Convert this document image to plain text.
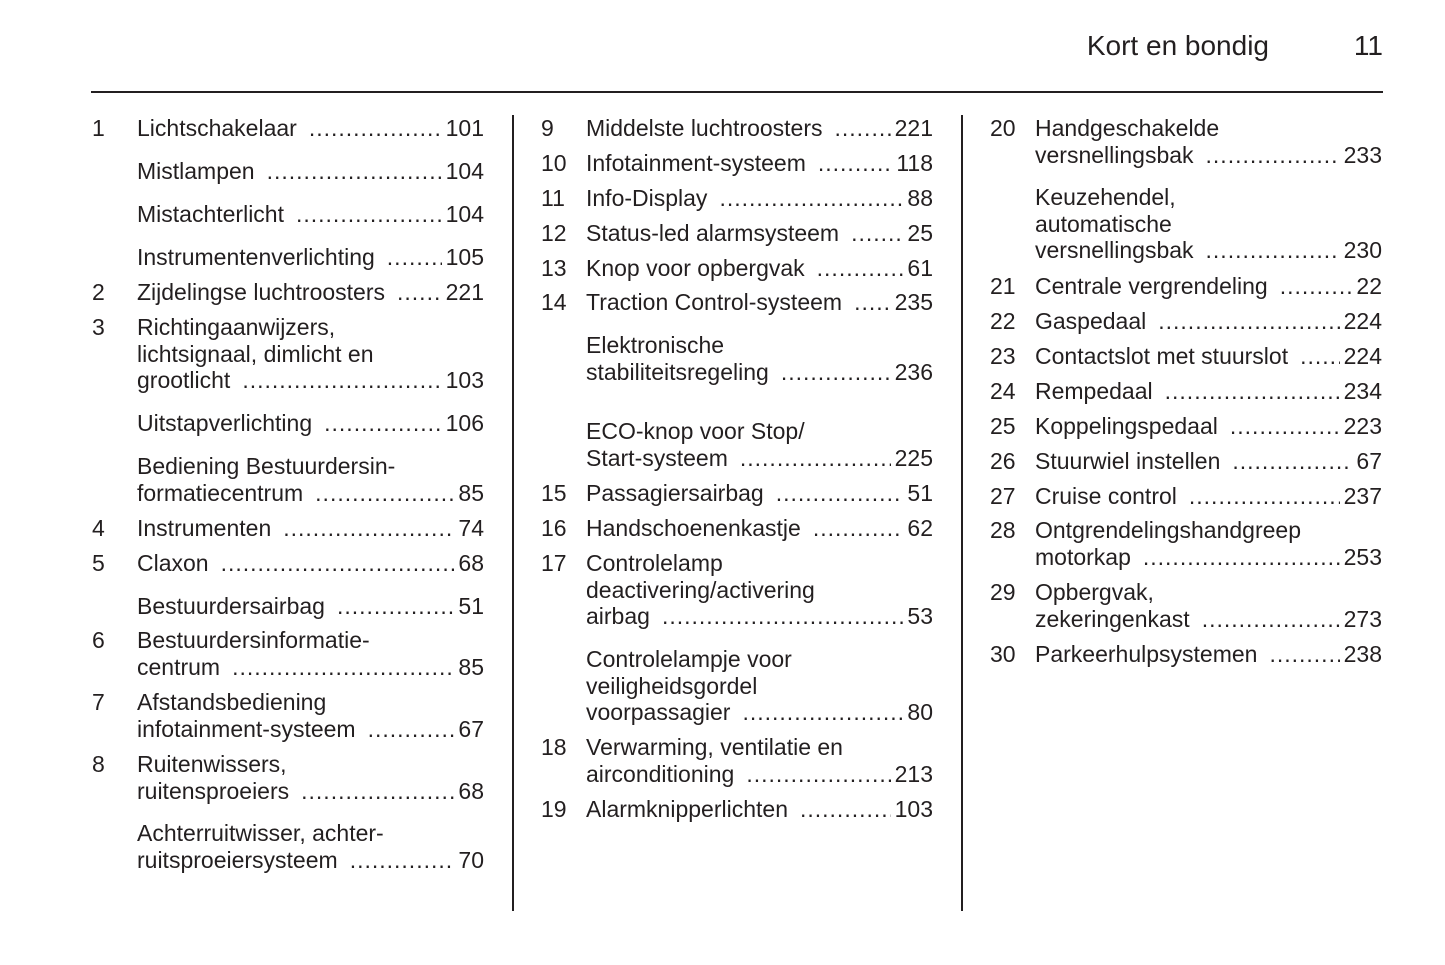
Kort en bondig	11
1 Lichtschakelaar .....	101
Mistlampen .....	104
Mistachterlicht .....	104
Instrumentenverlichting .....	105
2 Zijdelingse luchtroosters .....	221
3 Richtingaanwijzers,
lichtsignaal, dimlicht en
grootlicht .....	103
Uitstapverlichting .....	106
Bediening Bestuurdersin-
formatiecentrum .....	85
4 Instrumenten .....	74
5 Claxon .....	68
Bestuurdersairbag .....	51
6 Bestuurdersinformatie-
centrum .....	85
7 Afstandsbediening
infotainment-systeem .....	67
8 Ruitenwissers,
ruitensproeiers .....	68
Achterruitwisser, achter-
ruitsproeiersysteem .....	70
9 Middelste luchtroosters .....	221
10 Infotainment-systeem .....	118
11 Info-Display .....	88
12 Status-led alarmsysteem .....	25
13 Knop voor opbergvak .....	61
14 Traction Control-systeem ..... 235
Elektronische
stabiliteitsregeling .....	236
ECO-knop voor Stop/
Start-systeem .....	225
15 Passagiersairbag .....	51
16 Handschoenenkastje .....	62
17 Controlelamp
deactivering/activering
airbag .....	53
Controlelampje voor
veiligheidsgordel
voorpassagier .....	80
18 Verwarming, ventilatie en
airconditioning .....	213
19 Alarmknipperlichten .....	103
20 Handgeschakelde
versnellingsbak .....	233
Keuzehendel,
automatische
versnellingsbak .....	230
21 Centrale vergrendeling .....	22
22 Gaspedaal .....	224
23 Contactslot met stuurslot ..... 224
24 Rempedaal .....	234
25 Koppelingspedaal .....	223
26 Stuurwiel instellen .....	67
27 Cruise control .....	237
28 Ontgrendelingshandgreep
motorkap .....	253
29 Opbergvak,
zekeringenkast .....	273
30 Parkeerhulpsystemen .....	238
